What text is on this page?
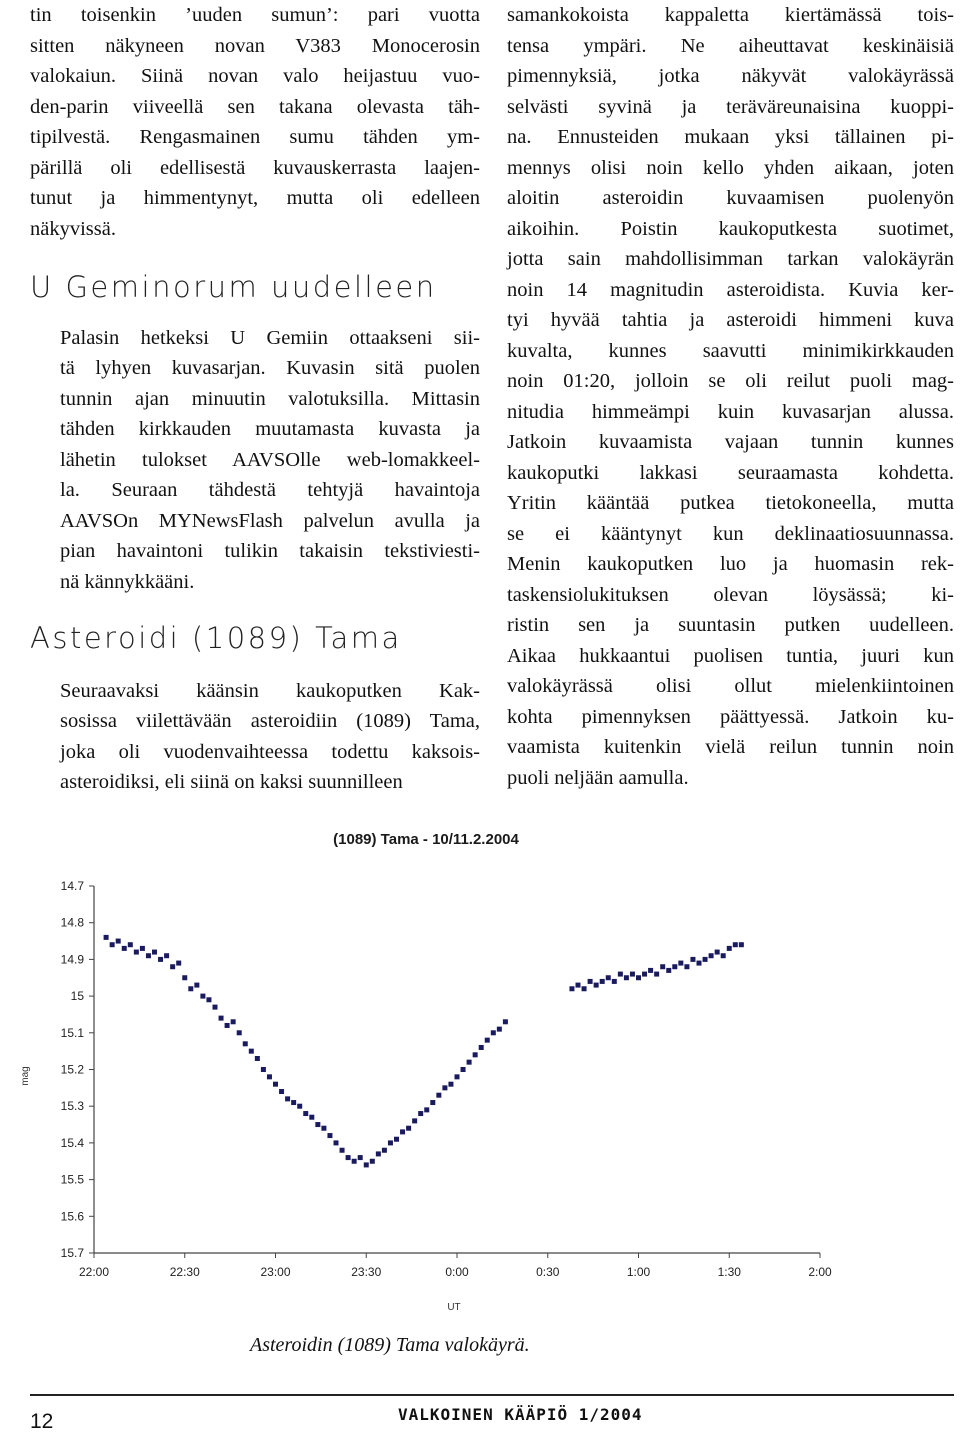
tin toisenkin ’uuden sumun’: pari vuotta
sitten näkyneen novan V383 Monocerosin
valokaiun. Siinä novan valo heijastuu vuo-
den-parin viiveellä sen takana olevasta täh-
tipilvestä. Rengasmainen sumu tähden ym-
pärillä oli edellisestä kuvauskerrasta laajen-
tunut ja himmentynyt, mutta oli edelleen
näkyvissä.
U Geminorum uudelleen
Palasin hetkeksi U Gemiin ottaakseni sii-
tä lyhyen kuvasarjan. Kuvasin sitä puolen
tunnin ajan minuutin valotuksilla. Mittasin
tähden kirkkauden muutamasta kuvasta ja
lähetin tulokset AAVSOlle web-lomakkeel-
la. Seuraan tähdestä tehtyjä havaintoja
AAVSOn MYNewsFlash palvelun avulla ja
pian havaintoni tulikin takaisin tekstiviesti-
nä kännykkääni.
Asteroidi (1089) Tama
Seuraavaksi käänsin kaukoputken Kak-
sosissa viilettävään asteroidiin (1089) Tama,
joka oli vuodenvaihteessa todettu kaksois-
asteroidiksi, eli siinä on kaksi suunnilleen
samankokoista kappaletta kiertämässä tois-
tensa ympäri. Ne aiheuttavat keskinäisiä
pimennyksiä, jotka näkyvät valokäyrässä
selvästi syvinä ja teräväreunaisina kuoppi-
na. Ennusteiden mukaan yksi tällainen pi-
mennys olisi noin kello yhden aikaan, joten
aloitin asteroidin kuvaamisen puolenyön
aikoihin. Poistin kaukoputkesta suotimet,
jotta sain mahdollisimman tarkan valokäyrän
noin 14 magnitudin asteroidista. Kuvia ker-
tyi hyvää tahtia ja asteroidi himmeni kuva
kuvalta, kunnes saavutti minimikirkkauden
noin 01:20, jolloin se oli reilut puoli mag-
nitudia himmeämpi kuin kuvasarjan alussa.
Jatkoin kuvaamista vajaan tunnin kunnes
kaukoputki lakkasi seuraamasta kohdetta.
Yritin kääntää putkea tietokoneella, mutta
se ei kääntynyt kun deklinaatiosuunnassa.
Menin kaukoputken luo ja huomasin rek-
taskensiolukituksen olevan löysässä; ki-
ristin sen ja suuntasin putken uudelleen.
Aikaa hukkaantui puolisen tuntia, juuri kun
valokäyrässä olisi ollut mielenkiintoinen
kohta pimennyksen päättyessä. Jatkoin ku-
vaamista kuitenkin vielä reilun tunnin noin
puoli neljään aamulla.
(1089) Tama - 10/11.2.2004
mag
UT
14.7
14.8
14.9
15
15.1
15.2
15.3
15.4
15.5
15.6
15.7
22:00	22:30	23:00	23:30	0:00	0:30	1:00	1:30	2:00
Asteroidin (1089) Tama valokäyrä.
12	VALKOINEN KÄÄPIÖ 1/2004
